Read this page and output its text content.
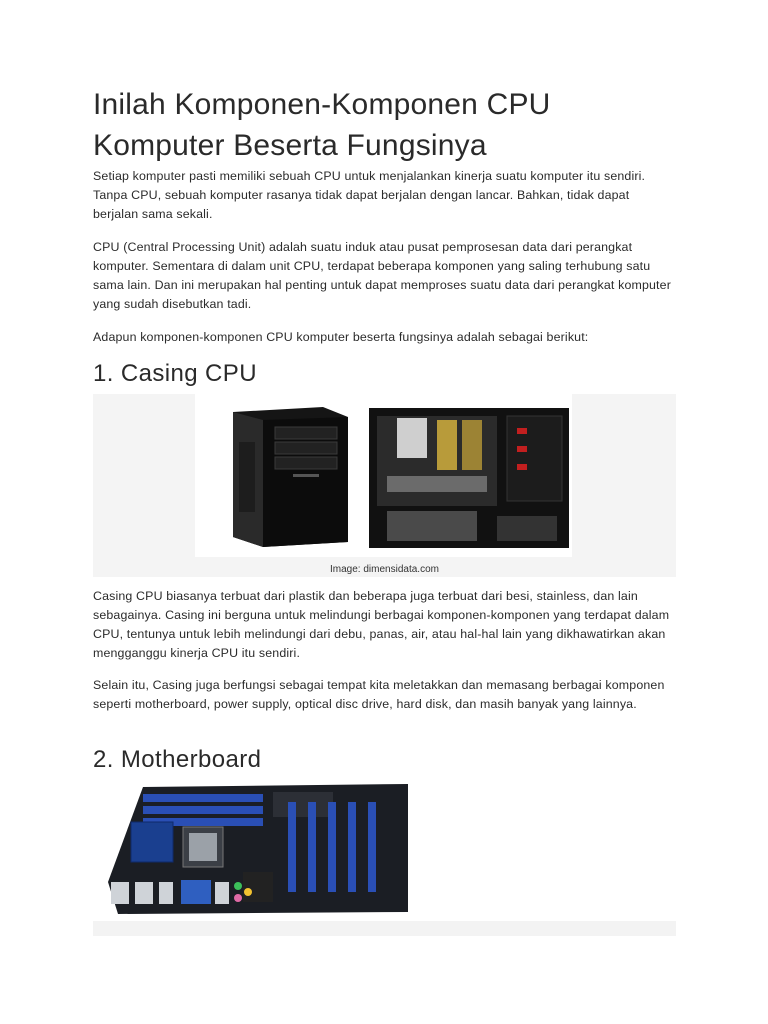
Inilah Komponen-Komponen CPU
Komputer Beserta Fungsinya

Setiap komputer pasti memiliki sebuah CPU untuk menjalankan kinerja suatu komputer itu sendiri. Tanpa CPU, sebuah komputer rasanya tidak dapat berjalan dengan lancar. Bahkan, tidak dapat berjalan sama sekali.

CPU (Central Processing Unit) adalah suatu induk atau pusat pemprosesan data dari perangkat komputer. Sementara di dalam unit CPU, terdapat beberapa komponen yang saling terhubung satu sama lain. Dan ini merupakan hal penting untuk dapat memproses suatu data dari perangkat komputer yang sudah disebutkan tadi.

Adapun komponen-komponen CPU komputer beserta fungsinya adalah sebagai berikut:

1. Casing CPU
Image: dimensidata.com

Casing CPU biasanya terbuat dari plastik dan beberapa juga terbuat dari besi, stainless, dan lain sebagainya. Casing ini berguna untuk melindungi berbagai komponen-komponen yang terdapat dalam CPU, tentunya untuk lebih melindungi dari debu, panas, air, atau hal-hal lain yang dikhawatirkan akan mengganggu kinerja CPU itu sendiri.

Selain itu, Casing juga berfungsi sebagai tempat kita meletakkan dan memasang berbagai komponen seperti motherboard, power supply, optical disc drive, hard disk, dan masih banyak yang lainnya.

2. Motherboard
